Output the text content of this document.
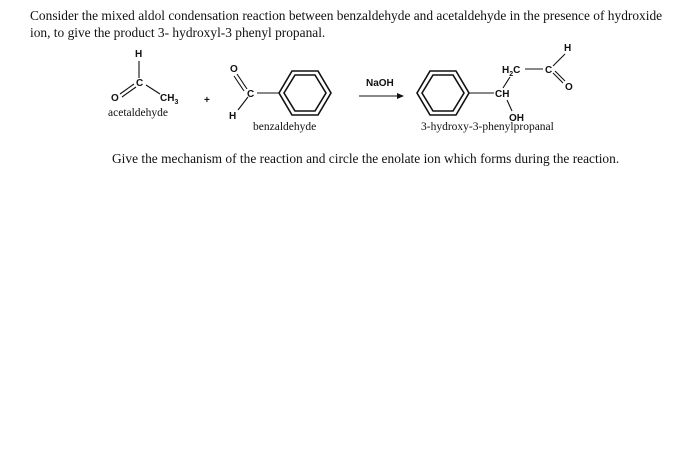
Consider the mixed aldol condensation reaction between benzaldehyde and acetaldehyde in the presence of hydroxide ion, to give the product 3- hydroxyl-3 phenyl propanal.

H
C
O	$CH_3$
acetaldehyde
+
O
C
H
benzaldehyde
NaOH
CH
OH
$H_2C$ C
H
O
3-hydroxy-3-phenylpropanal

Give the mechanism of the reaction and circle the enolate ion which forms during the reaction.
